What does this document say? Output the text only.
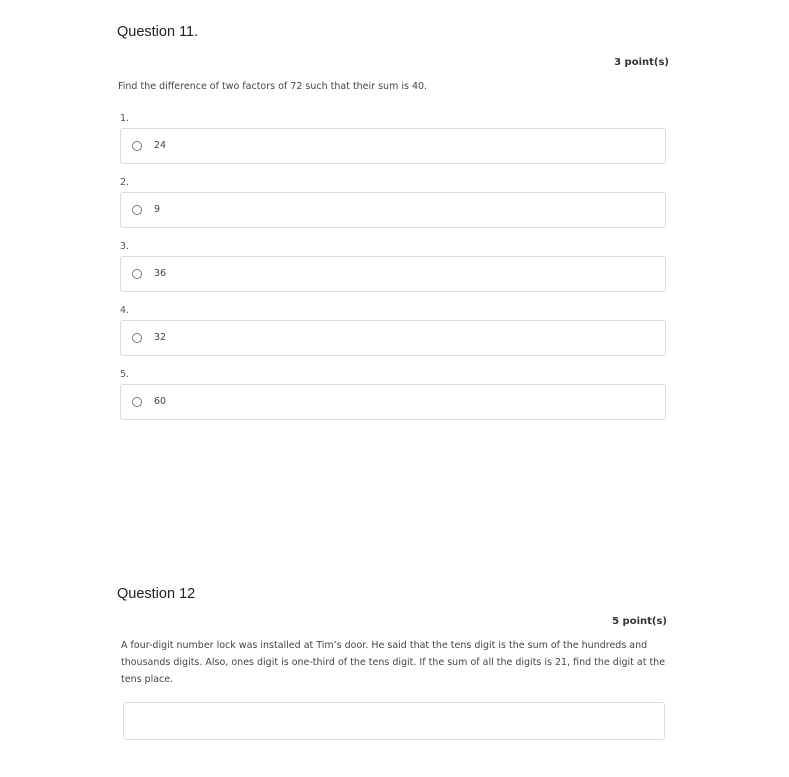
Question 11.
3 point(s)

Find the difference of two factors of 72 such that their sum is 40.

1.
24
2.
9
3.
36
4.
32
5.
60
Question 12
5 point(s)

A four-digit number lock was installed at Tim’s door. He said that the tens digit is the sum of the hundreds and thousands digits. Also, ones digit is one-third of the tens digit. If the sum of all the digits is 21, find the digit at the tens place.
